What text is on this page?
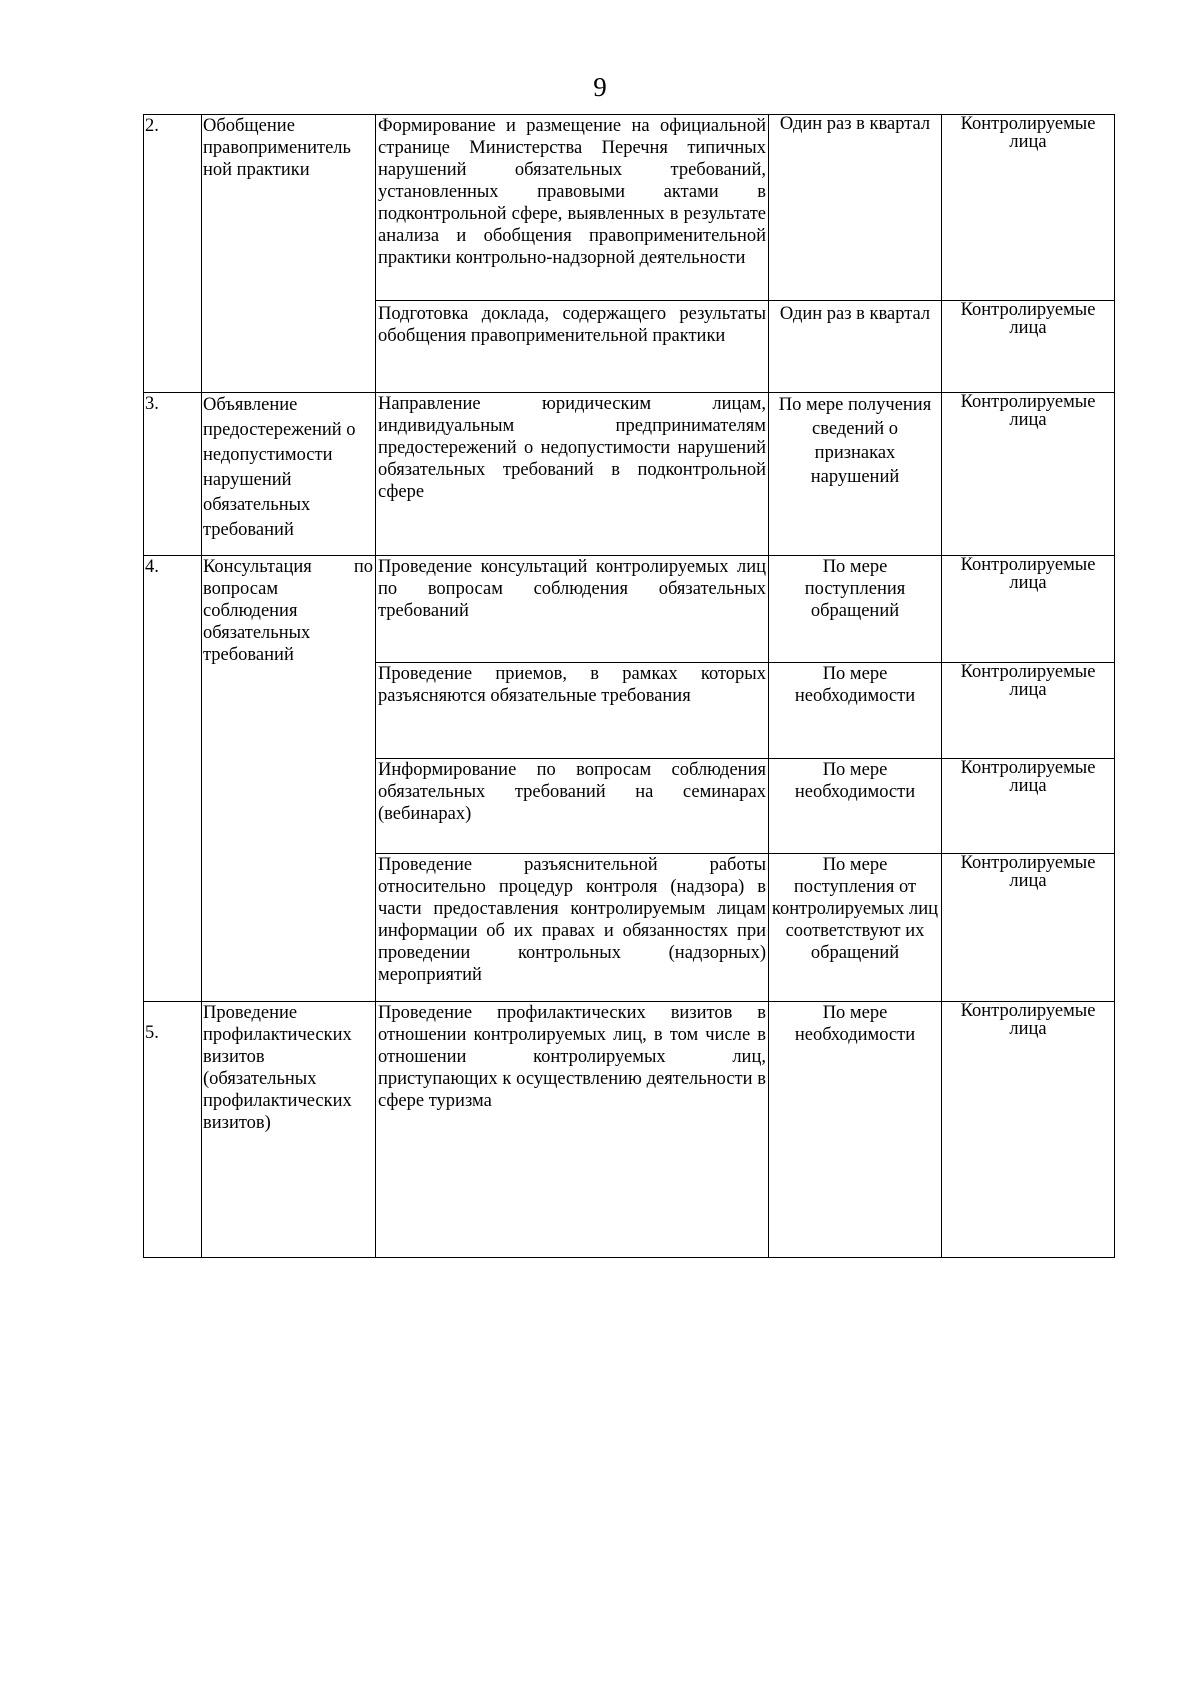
9
2.	Обобщение правоприменитель ной практики	Формирование и размещение на официальной странице Министерства Перечня типичных нарушений обязательных требований, установленных правовыми актами в подконтрольной сфере, выявленных в результате анализа и обобщения правоприменительной практики контрольно-надзорной деятельности	Один раз в квартал	Контролируемые лица
		Подготовка доклада, содержащего результаты обобщения правоприменительной практики	Один раз в квартал	Контролируемые лица
3.	Объявление предостережений о недопустимости нарушений обязательных требований	Направление юридическим лицам, индивидуальным предпринимателям предостережений о недопустимости нарушений обязательных требований в подконтрольной сфере	По мере получения сведений о признаках нарушений	Контролируемые лица
4.	Консультация по вопросам соблюдения обязательных требований	Проведение консультаций контролируемых лиц по вопросам соблюдения обязательных требований	По мере поступления обращений	Контролируемые лица
		Проведение приемов, в рамках которых разъясняются обязательные требования	По мере необходимости	Контролируемые лица
		Информирование по вопросам соблюдения обязательных требований на семинарах (вебинарах)	По мере необходимости	Контролируемые лица
		Проведение разъяснительной работы относительно процедур контроля (надзора) в части предоставления контролируемым лицам информации об их правах и обязанностях при проведении контрольных (надзорных) мероприятий	По мере поступления от контролируемых лиц соответствуют их обращений	Контролируемые лица
5.	Проведение профилактических визитов (обязательных профилактических визитов)	Проведение профилактических визитов в отношении контролируемых лиц, в том числе в отношении контролируемых лиц, приступающих к осуществлению деятельности в сфере туризма	По мере необходимости	Контролируемые лица
